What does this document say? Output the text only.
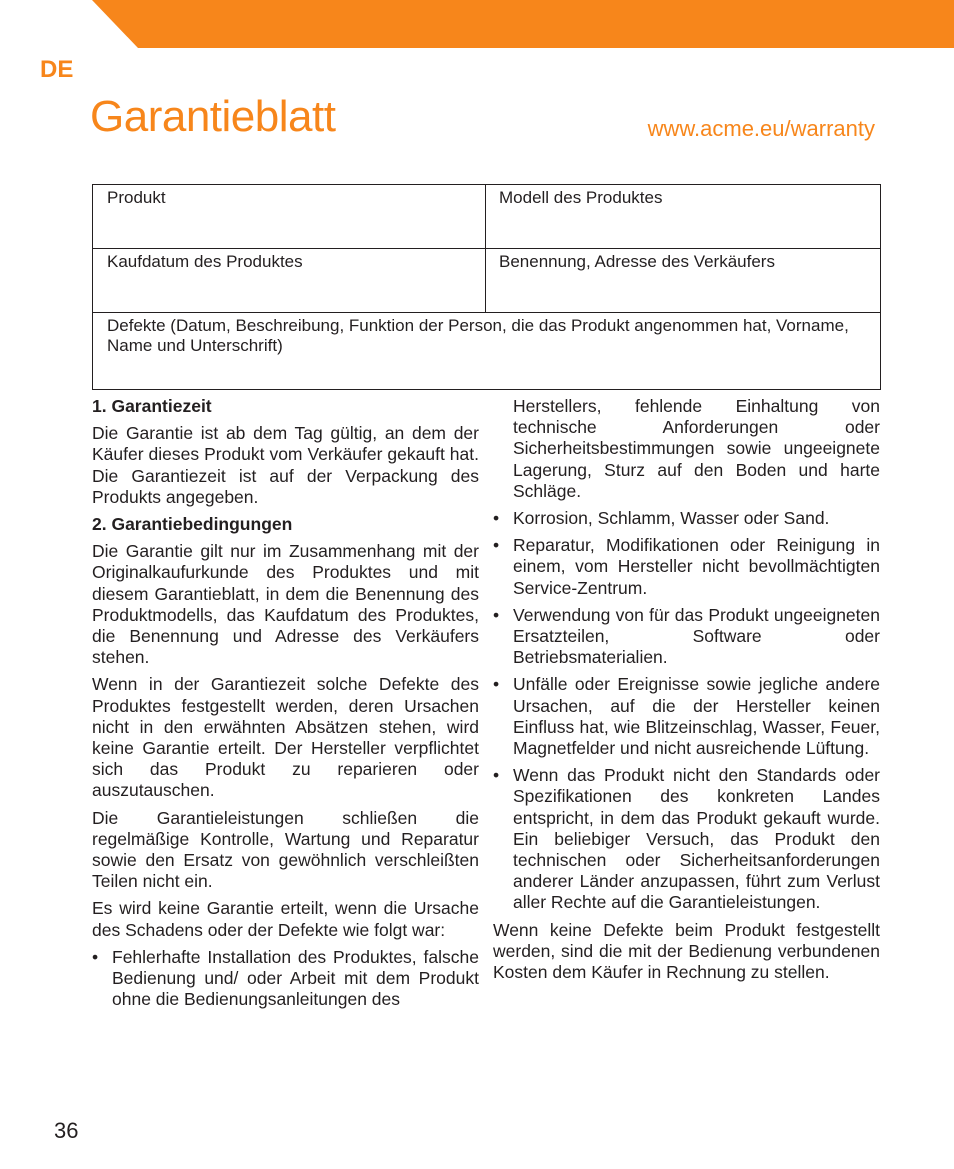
DE
Garantieblatt	www.acme.eu/warranty
Produkt	Modell des Produktes
Kaufdatum des Produktes	Benennung, Adresse des Verkäufers
Defekte (Datum, Beschreibung, Funktion der Person, die das Produkt angenommen hat, Vorname, Name und Unterschrift)	
1. Garantiezeit

Die Garantie ist ab dem Tag gültig, an dem der Käufer dieses Produkt vom Verkäufer gekauft hat. Die Garantiezeit ist auf der Verpackung des Produkts angegeben.

2. Garantiebedingungen

Die Garantie gilt nur im Zusammenhang mit der Originalkaufurkunde des Produktes und mit diesem Garantieblatt, in dem die Benennung des Produktmodells, das Kaufdatum des Produktes, die Benennung und Adresse des Verkäufers stehen.

Wenn in der Garantiezeit solche Defekte des Produktes festgestellt werden, deren Ursachen nicht in den erwähnten Absätzen stehen, wird keine Garantie erteilt. Der Hersteller verpflichtet sich das Produkt zu reparieren oder auszutauschen.

Die Garantieleistungen schließen die regelmäßige Kontrolle, Wartung und Reparatur sowie den Ersatz von gewöhnlich verschleißten Teilen nicht ein.

Es wird keine Garantie erteilt, wenn die Ursache des Schadens oder der Defekte wie folgt war:

• Fehlerhafte Installation des Produktes, falsche Bedienung und/ oder Arbeit mit dem Produkt ohne die Bedienungsanleitungen des
Herstellers, fehlende Einhaltung von technische Anforderungen oder Sicherheitsbestimmungen sowie ungeeignete Lagerung, Sturz auf den Boden und harte Schläge.
• Korrosion, Schlamm, Wasser oder Sand.
• Reparatur, Modifikationen oder Reinigung in einem, vom Hersteller nicht bevollmächtigten Service-Zentrum.
• Verwendung von für das Produkt ungeeigneten Ersatzteilen, Software oder Betriebsmaterialien.
• Unfälle oder Ereignisse sowie jegliche andere Ursachen, auf die der Hersteller keinen Einfluss hat, wie Blitzeinschlag, Wasser, Feuer, Magnetfelder und nicht ausreichende Lüftung.
• Wenn das Produkt nicht den Standards oder Spezifikationen des konkreten Landes entspricht, in dem das Produkt gekauft wurde. Ein beliebiger Versuch, das Produkt den technischen oder Sicherheitsanforderungen anderer Länder anzupassen, führt zum Verlust aller Rechte auf die Garantieleistungen.

Wenn keine Defekte beim Produkt festgestellt werden, sind die mit der Bedienung verbundenen Kosten dem Käufer in Rechnung zu stellen.

36
